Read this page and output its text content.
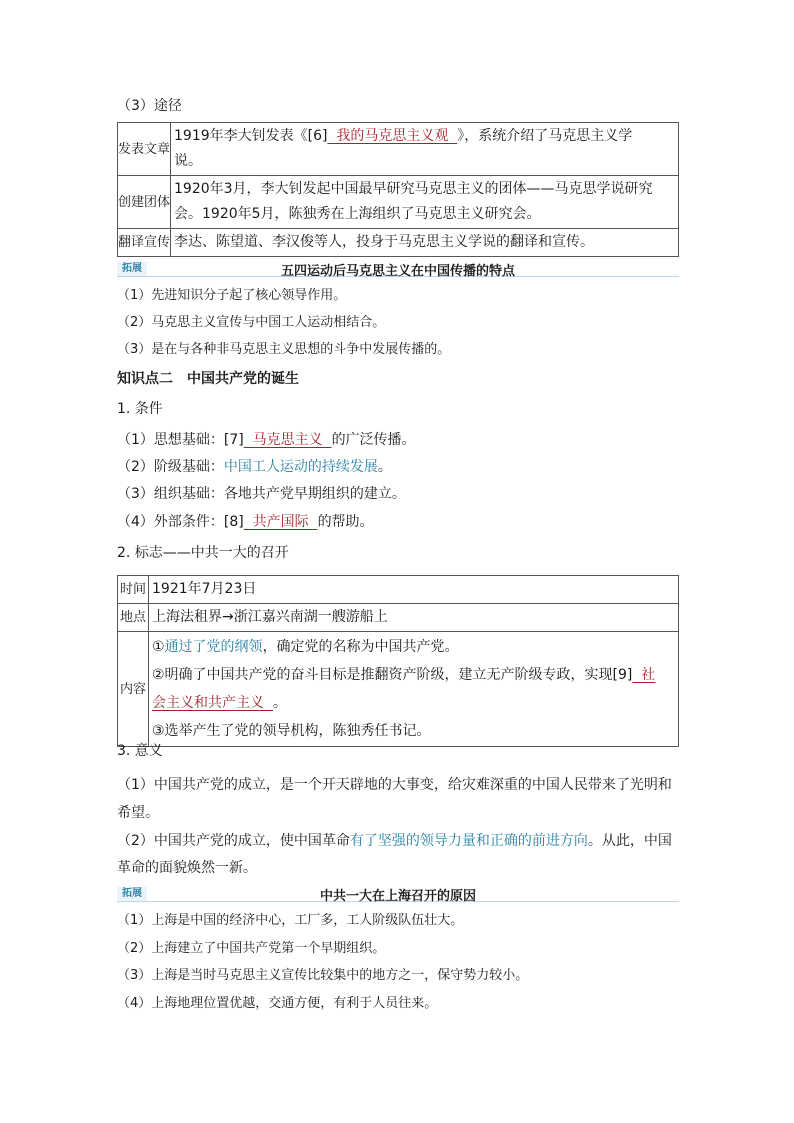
（3）途径
发表文章	1919年李大钊发表《[6]  我的马克思主义观  》，系统介绍了马克思主义学
说。
创建团体	1920年3月，李大钊发起中国最早研究马克思主义的团体——马克思学说研究
会。1920年5月，陈独秀在上海组织了马克思主义研究会。
翻译宣传	李达、陈望道、李汉俊等人，投身于马克思主义学说的翻译和宣传。
拓展	五四运动后马克思主义在中国传播的特点
（1）先进知识分子起了核心领导作用。
（2）马克思主义宣传与中国工人运动相结合。
（3）是在与各种非马克思主义思想的斗争中发展传播的。
知识点二　中国共产党的诞生
1. 条件
（1）思想基础：[7]  马克思主义  的广泛传播。
（2）阶级基础：中国工人运动的持续发展。
（3）组织基础：各地共产党早期组织的建立。
（4）外部条件：[8]  共产国际  的帮助。
2. 标志——中共一大的召开
时间	1921年7月23日
地点	上海法租界→浙江嘉兴南湖一艘游船上
内容	①通过了党的纲领，确定党的名称为中国共产党。
②明确了中国共产党的奋斗目标是推翻资产阶级，建立无产阶级专政，实现[9]  社
会主义和共产主义  。
③选举产生了党的领导机构，陈独秀任书记。
3. 意义
（1）中国共产党的成立，是一个开天辟地的大事变，给灾难深重的中国人民带来了光明和
希望。
（2）中国共产党的成立，使中国革命有了坚强的领导力量和正确的前进方向。从此，中国
革命的面貌焕然一新。
拓展	中共一大在上海召开的原因
（1）上海是中国的经济中心，工厂多，工人阶级队伍壮大。
（2）上海建立了中国共产党第一个早期组织。
（3）上海是当时马克思主义宣传比较集中的地方之一，保守势力较小。
（4）上海地理位置优越，交通方便，有利于人员往来。
